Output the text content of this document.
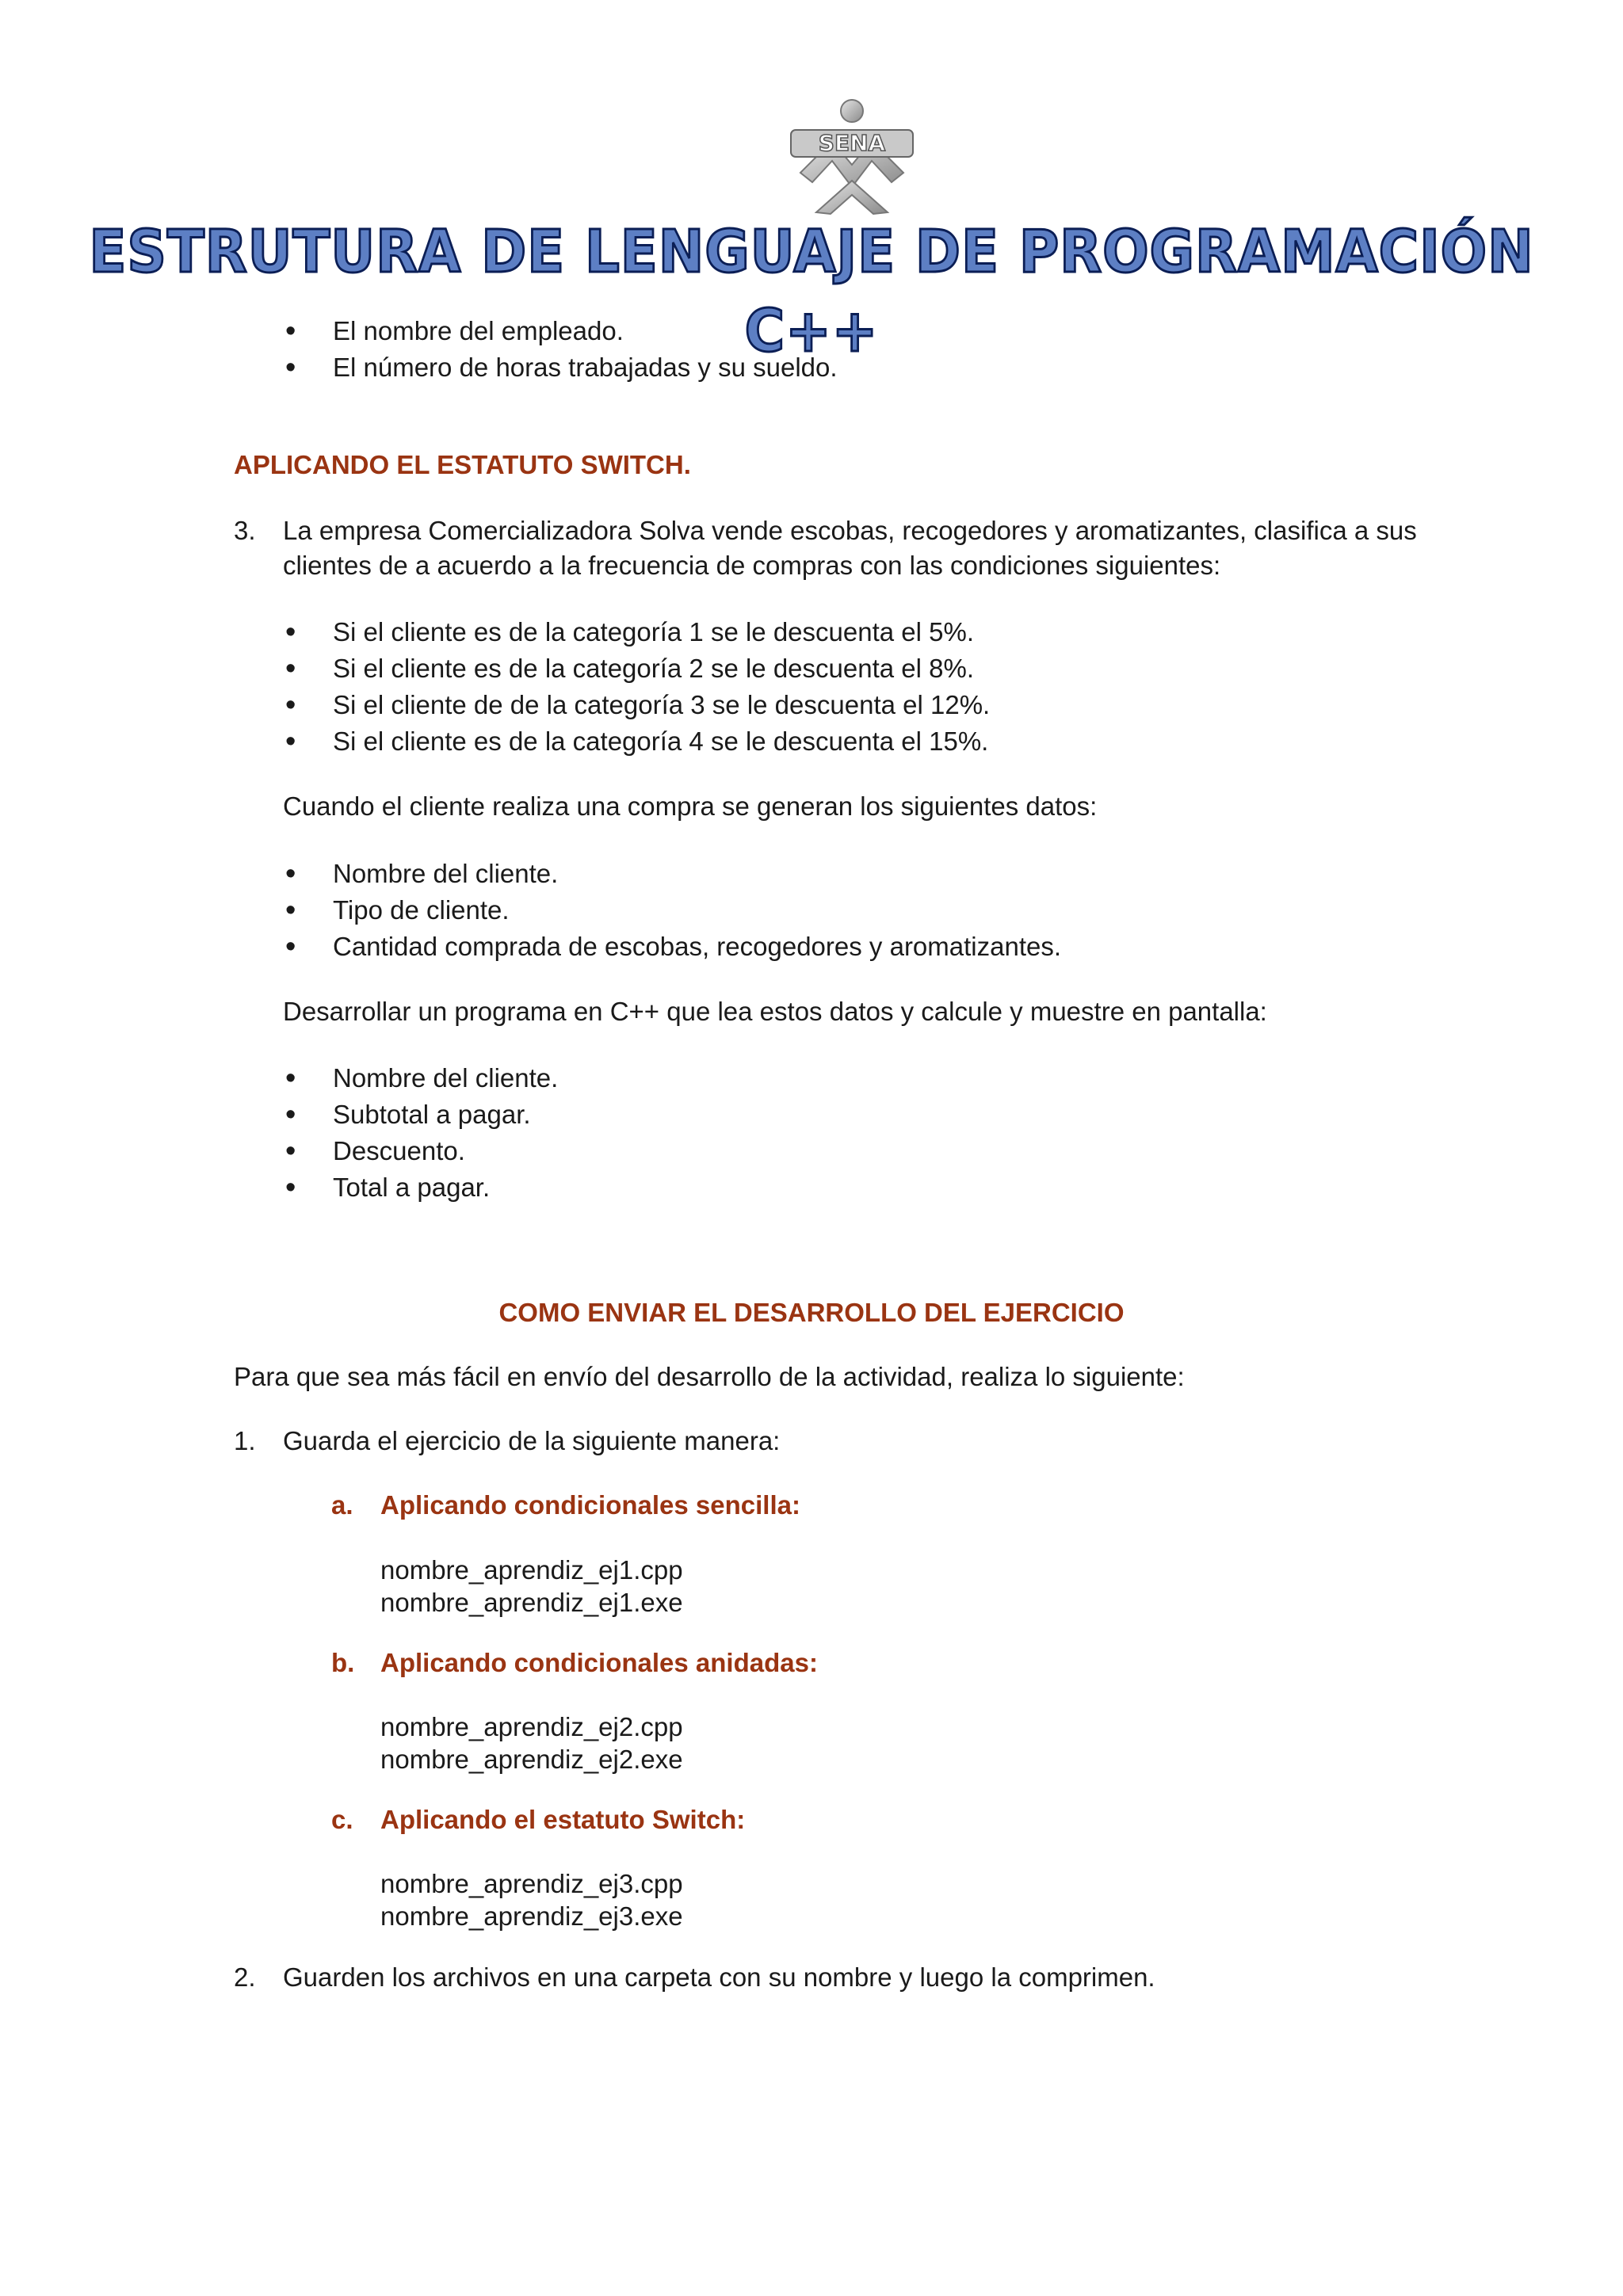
SENA
ESTRUTURA DE LENGUAJE DE PROGRAMACIÓN C++
• El nombre del empleado.
• El número de horas trabajadas y su sueldo.
APLICANDO EL ESTATUTO SWITCH.
3. La empresa Comercializadora Solva vende escobas, recogedores y aromatizantes, clasifica a sus
clientes de a acuerdo a la frecuencia de compras con las condiciones siguientes:
• Si el cliente es de la categoría 1 se le descuenta el 5%.
• Si el cliente es de la categoría 2 se le descuenta el 8%.
• Si el cliente de de la categoría 3 se le descuenta el 12%.
• Si el cliente es de la categoría 4 se le descuenta el 15%.
Cuando el cliente realiza una compra se generan los siguientes datos:
• Nombre del cliente.
• Tipo de cliente.
• Cantidad comprada de escobas, recogedores y aromatizantes.
Desarrollar un programa en C++ que lea estos datos y calcule y muestre en pantalla:
• Nombre del cliente.
• Subtotal a pagar.
• Descuento.
• Total a pagar.
COMO ENVIAR EL DESARROLLO DEL EJERCICIO
Para que sea más fácil en envío del desarrollo de la actividad, realiza lo siguiente:
1. Guarda el ejercicio de la siguiente manera:
a. Aplicando condicionales sencilla:
nombre_aprendiz_ej1.cpp
nombre_aprendiz_ej1.exe
b. Aplicando condicionales anidadas:
nombre_aprendiz_ej2.cpp
nombre_aprendiz_ej2.exe
c. Aplicando el estatuto Switch:
nombre_aprendiz_ej3.cpp
nombre_aprendiz_ej3.exe
2. Guarden los archivos en una carpeta con su nombre y luego la comprimen.
